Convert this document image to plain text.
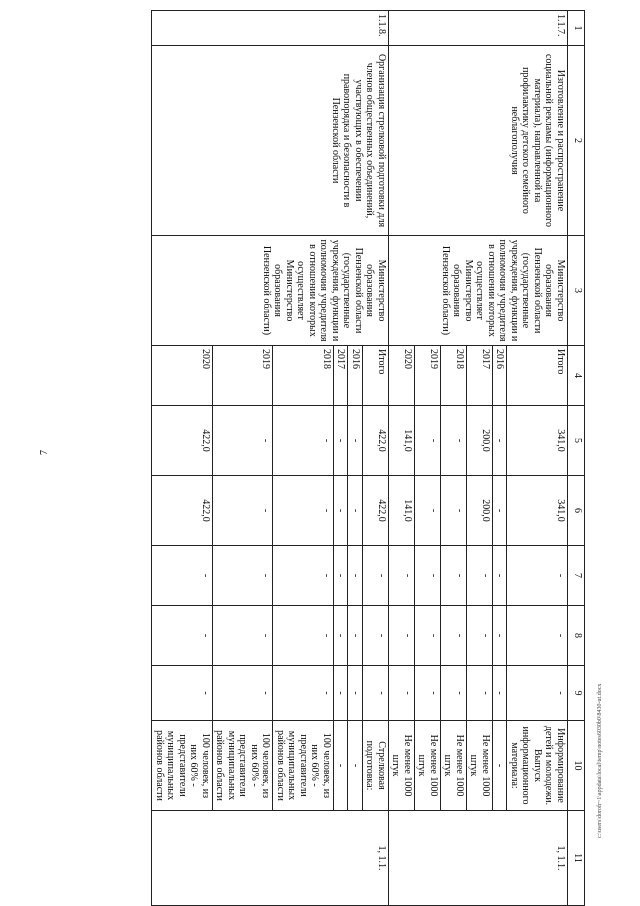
7
1	2	3	4	5	6	7	8	9	10	11
1.1.7.	Изготовление и распространение социальной рекламы (информационного материала), направленной на профилактику детского семейного неблагополучия	Министерство образования Пензенской области (государственные учреждения, функции и полномочия учредителя в отношении которых осуществляет Министерство образования Пензенской области)	Итого	341,0	341,0	-	-	-	Информирование детей и молодежи. Выпуск информационного материала:	1, 1.1.
			2016	-	-	-	-	-	-	
			2017	200,0	200,0	-	-	-	Не менее 1000 штук	
			2018	-	-	-	-	-	Не менее 1000 штук	
			2019	-	-	-	-	-	Не менее 1000 штук	
			2020	141,0	141,0	-	-	-	Не менее 1000 штук	
1.1.8.	Организация стрелковой подготовки для членов общественных объединений, участвующих в обеспечении правопорядка и безопасности в Пензенской области	Министерство образования Пензенской области (государственные учреждения, функции и полномочия учредителя в отношении которых осуществляет Министерство образования Пензенской области)	Итого	422,0	422,0	-	-	-	Стрелковая подготовка:	1, 1.1.
			2016	-	-	-	-	-	-	
			2017	-	-	-	-	-	-	
			2018	-	-	-	-	-	100 человек, из них 60% - представители муниципальных районов области	
			2019	-	-	-	-	-	100 человек, из них 60% - представители муниципальных районов области	
			2020	422,0	422,0	-	-	-	100 человек, из них 60% - представители муниципальных районов области		c:\users\dorofr~1\appdata\local\temp\notes6030b0\8430-ut.docx
